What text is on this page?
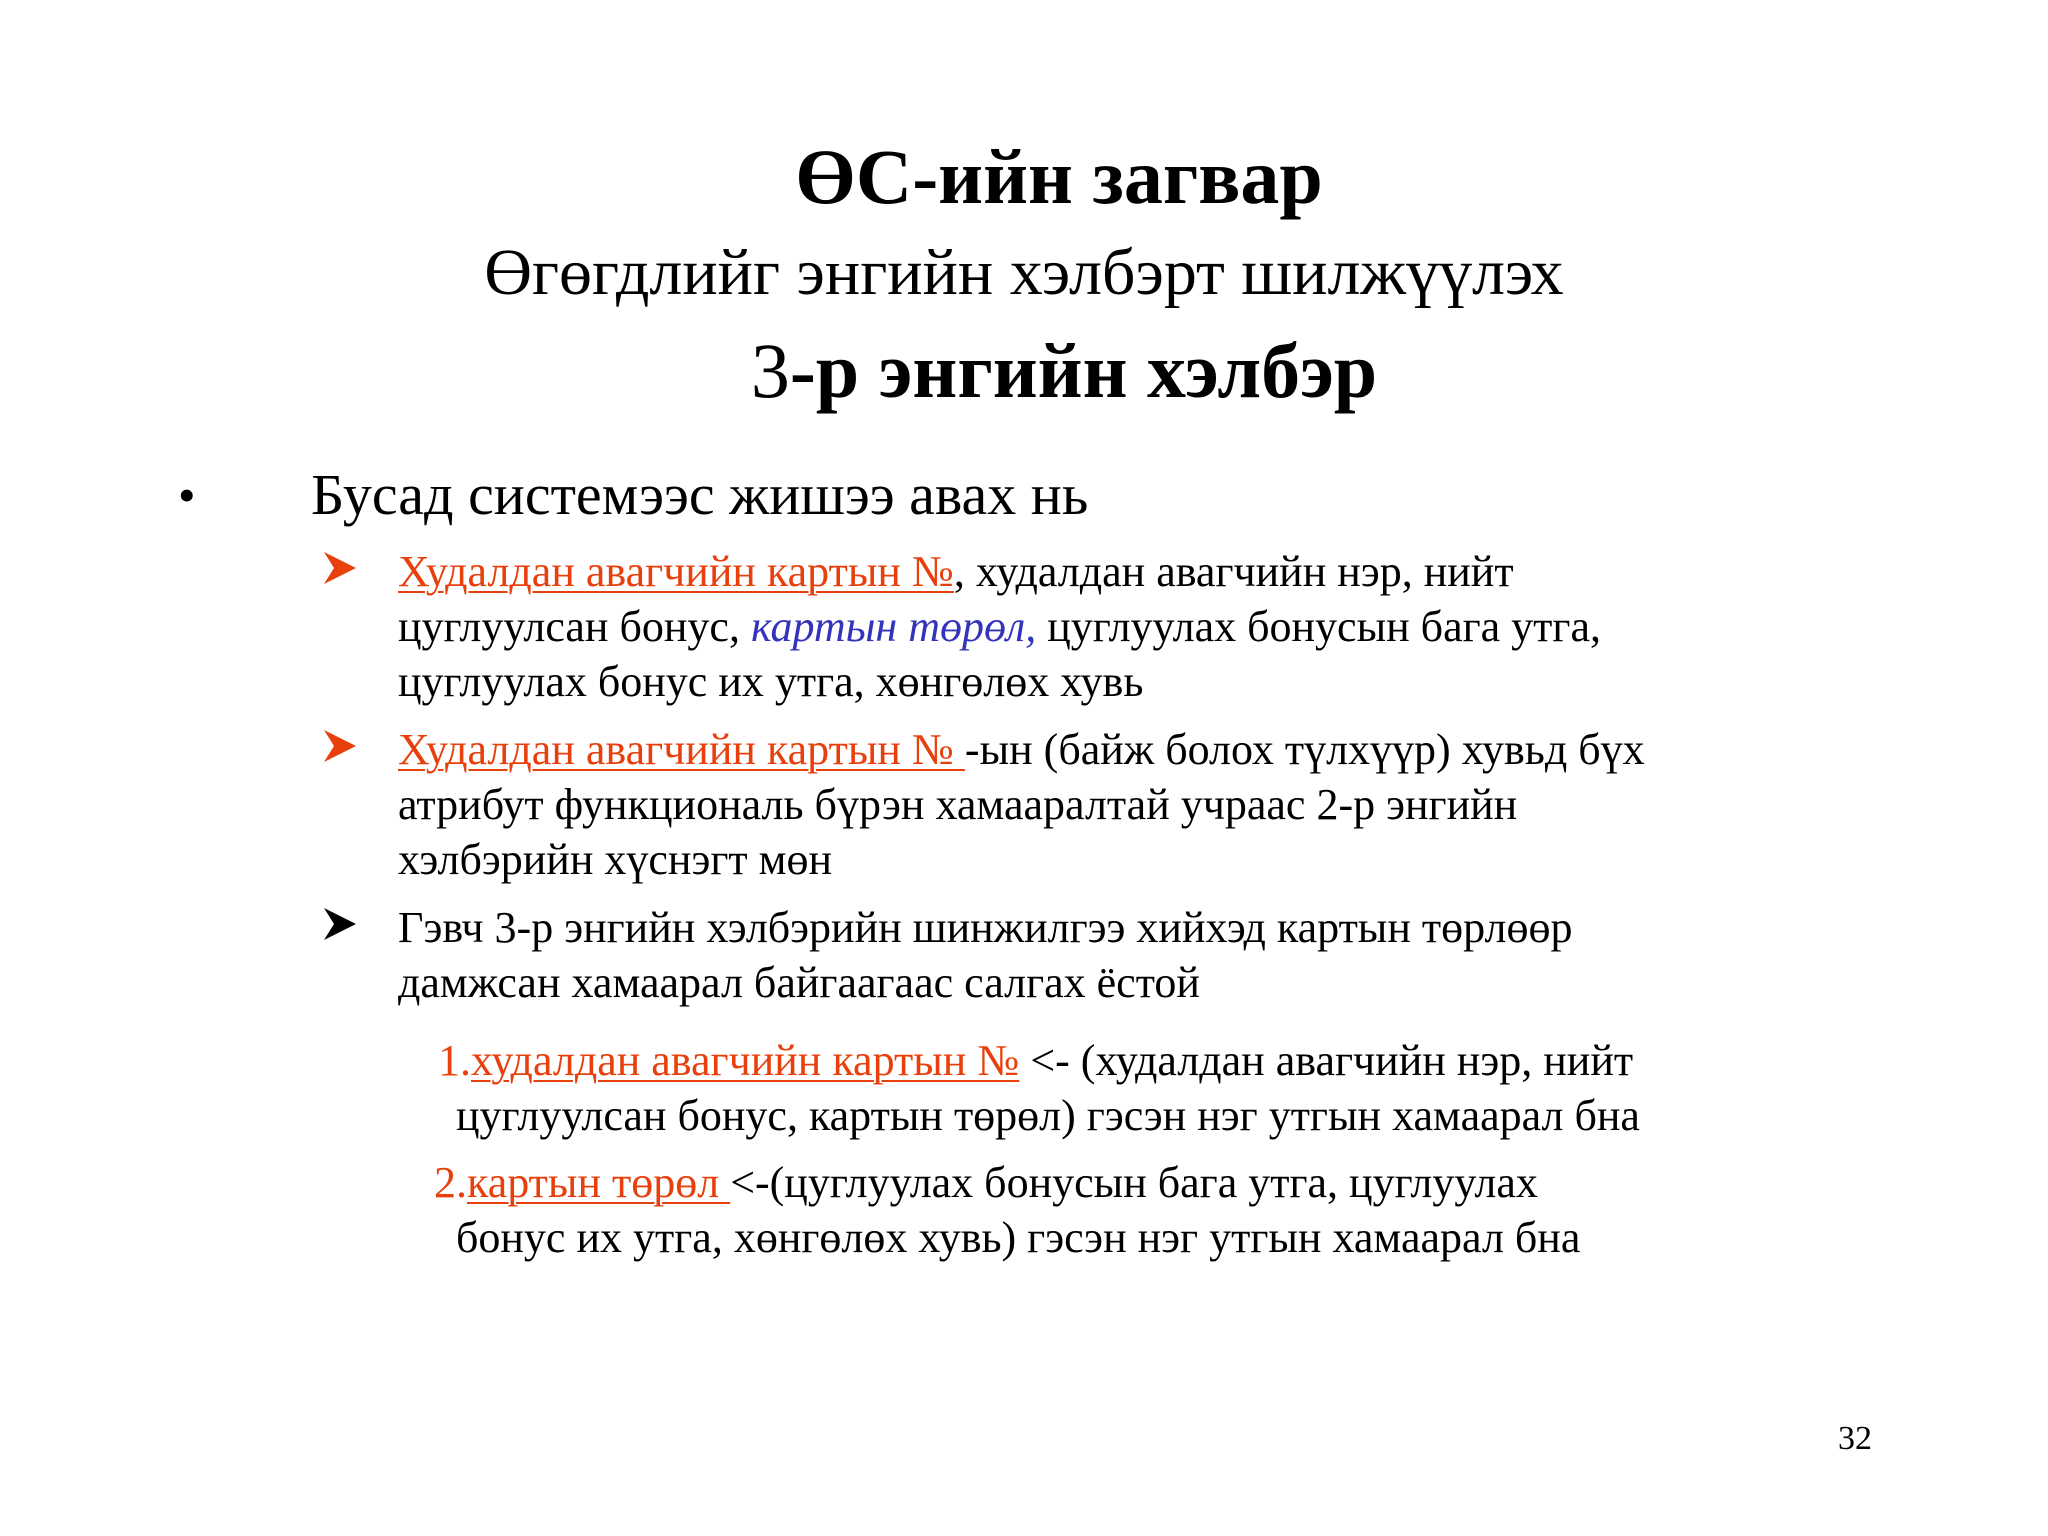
ӨС-ийн загвар
Өгөгдлийг энгийн хэлбэрт шилжүүлэх
3-р энгийн хэлбэр
• Бусад системээс жишээ авах нь
Худалдан авагчийн картын №, худалдан авагчийн нэр, нийт
цуглуулсан бонус, картын төрөл, цуглуулах бонусын бага утга,
цуглуулах бонус их утга, хөнгөлөх хувь
Худалдан авагчийн картын № -ын (байж болох түлхүүр) хувьд бүх
атрибут функциональ бүрэн хамааралтай учраас 2-р энгийн
хэлбэрийн хүснэгт мөн
Гэвч 3-р энгийн хэлбэрийн шинжилгээ хийхэд картын төрлөөр
дамжсан хамаарал байгаагаас салгах ёстой
1.худалдан авагчийн картын № <- (худалдан авагчийн нэр, нийт
цуглуулсан бонус, картын төрөл) гэсэн нэг утгын хамаарал бна
2.картын төрөл <-(цуглуулах бонусын бага утга, цуглуулах
бонус их утга, хөнгөлөх хувь) гэсэн нэг утгын хамаарал бна
32
